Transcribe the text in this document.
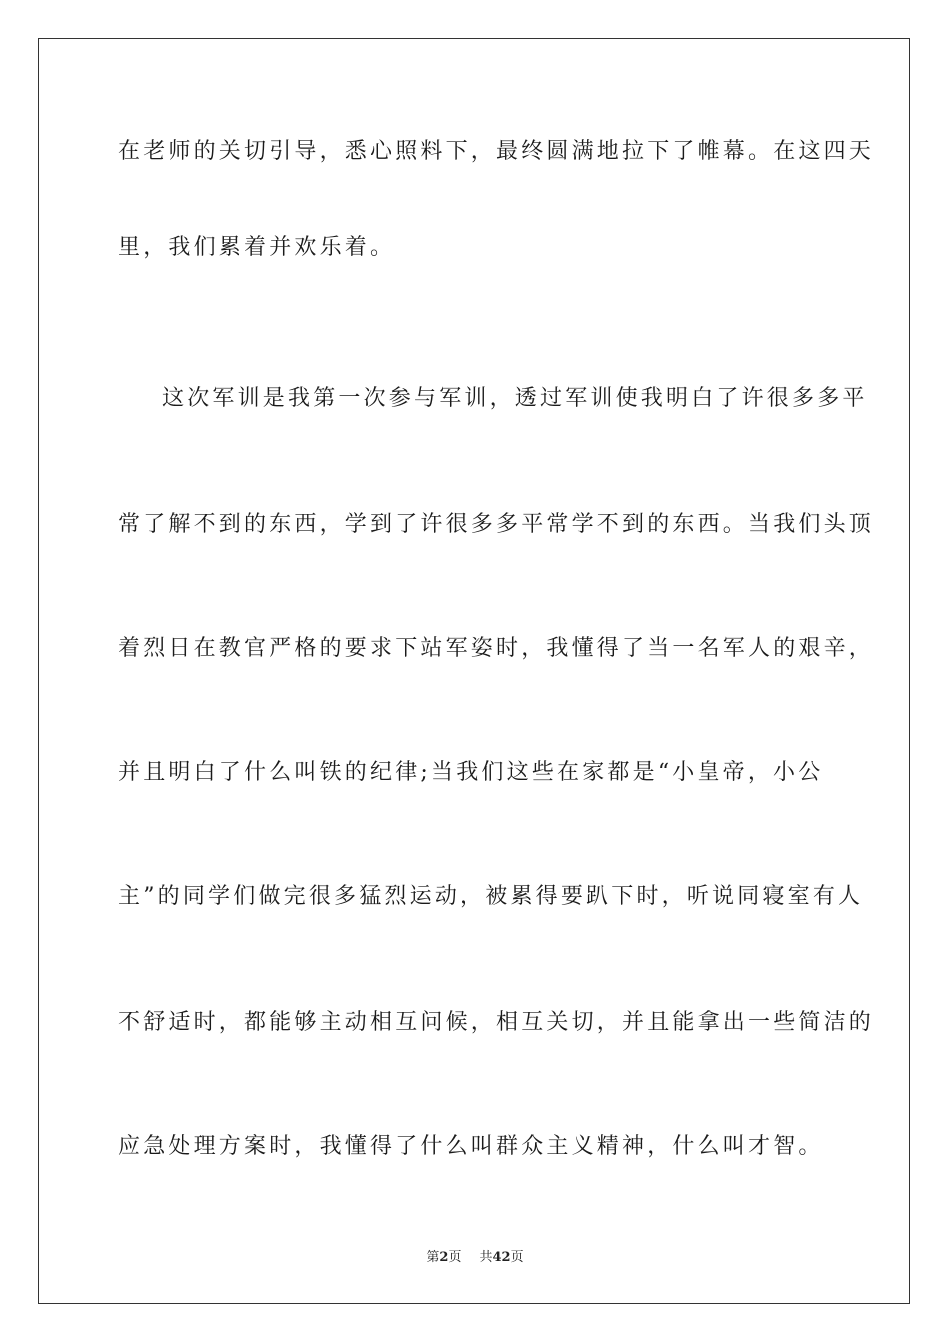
在老师的关切引导，悉心照料下，最终圆满地拉下了帷幕。在这四天
里，我们累着并欢乐着。
这次军训是我第一次参与军训，透过军训使我明白了许很多多平
常了解不到的东西，学到了许很多多平常学不到的东西。当我们头顶
着烈日在教官严格的要求下站军姿时，我懂得了当一名军人的艰辛，
并且明白了什么叫铁的纪律;当我们这些在家都是“小皇帝，小公
主”的同学们做完很多猛烈运动，被累得要趴下时，听说同寝室有人
不舒适时，都能够主动相互问候，相互关切，并且能拿出一些简洁的
应急处理方案时，我懂得了什么叫群众主义精神，什么叫才智。
第2页 共42页
